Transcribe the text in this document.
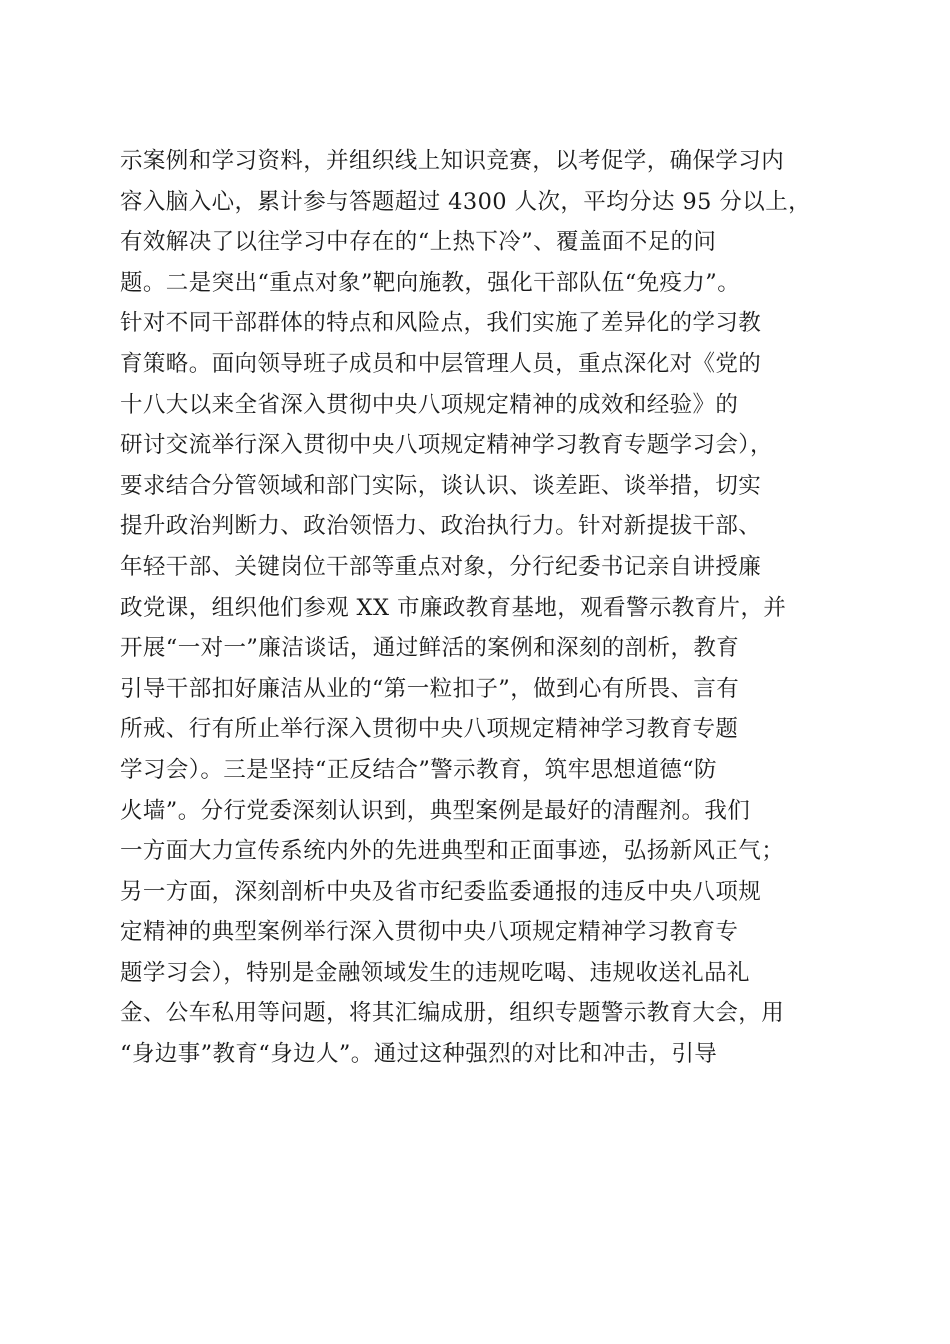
示案例和学习资料，并组织线上知识竞赛，以考促学，确保学习内
容入脑入心，累计参与答题超过 4300 人次，平均分达 95 分以上，
有效解决了以往学习中存在的“上热下冷”、覆盖面不足的问
题。二是突出“重点对象”靶向施教，强化干部队伍“免疫力”。
针对不同干部群体的特点和风险点，我们实施了差异化的学习教
育策略。面向领导班子成员和中层管理人员，重点深化对《党的
十八大以来全省深入贯彻中央八项规定精神的成效和经验》的
研讨交流举行深入贯彻中央八项规定精神学习教育专题学习会），
要求结合分管领域和部门实际，谈认识、谈差距、谈举措，切实
提升政治判断力、政治领悟力、政治执行力。针对新提拔干部、
年轻干部、关键岗位干部等重点对象，分行纪委书记亲自讲授廉
政党课，组织他们参观 XX 市廉政教育基地，观看警示教育片，并
开展“一对一”廉洁谈话，通过鲜活的案例和深刻的剖析，教育
引导干部扣好廉洁从业的“第一粒扣子”，做到心有所畏、言有
所戒、行有所止举行深入贯彻中央八项规定精神学习教育专题
学习会）。三是坚持“正反结合”警示教育，筑牢思想道德“防
火墙”。分行党委深刻认识到，典型案例是最好的清醒剂。我们
一方面大力宣传系统内外的先进典型和正面事迹，弘扬新风正气；
另一方面，深刻剖析中央及省市纪委监委通报的违反中央八项规
定精神的典型案例举行深入贯彻中央八项规定精神学习教育专
题学习会），特别是金融领域发生的违规吃喝、违规收送礼品礼
金、公车私用等问题，将其汇编成册，组织专题警示教育大会，用
“身边事”教育“身边人”。通过这种强烈的对比和冲击，引导
